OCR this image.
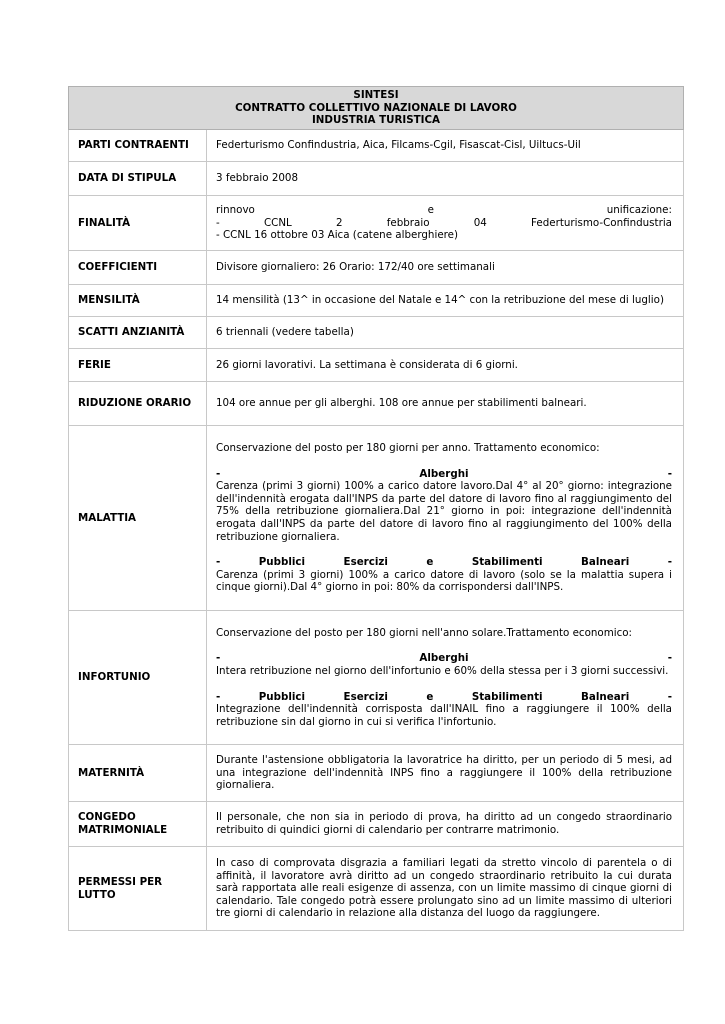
SINTESI
CONTRATTO COLLETTIVO NAZIONALE DI LAVORO
INDUSTRIA TURISTICA	

PARTI CONTRAENTI	Federturismo Confindustria, Aica, Filcams-Cgil, Fisascat-Cisl, Uiltucs-Uil
DATA DI STIPULA	3 febbraio 2008
FINALITÀ	rinnovo e unificazione:

- CCNL 2 febbraio 04 Federturismo-Confindustria

- CCNL 16 ottobre 03 Aica (catene alberghiere)

COEFFICIENTI	Divisore giornaliero: 26 Orario: 172/40 ore settimanali
MENSILITÀ	14 mensilità (13^ in occasione del Natale e 14^ con la retribuzione del mese di luglio)
SCATTI ANZIANITÀ	6 triennali (vedere tabella)
FERIE	26 giorni lavorativi. La settimana è considerata di 6 giorni.
RIDUZIONE ORARIO	104 ore annue per gli alberghi. 108 ore annue per stabilimenti balneari.
MALATTIA	Conservazione del posto per 180 giorni per anno. Trattamento economico:

- Alberghi -

Carenza (primi 3 giorni) 100% a carico datore lavoro.Dal 4° al 20° giorno: integrazione dell'indennità erogata dall'INPS da parte del datore di lavoro fino al raggiungimento del 75% della retribuzione giornaliera.Dal 21° giorno in poi: integrazione dell'indennità erogata dall'INPS da parte del datore di lavoro fino al raggiungimento del 100% della retribuzione giornaliera.

- Pubblici Esercizi e Stabilimenti Balneari -

Carenza (primi 3 giorni) 100% a carico datore di lavoro (solo se la malattia supera i cinque giorni).Dal 4° giorno in poi: 80% da corrispondersi dall'INPS.

INFORTUNIO	Conservazione del posto per 180 giorni nell'anno solare.Trattamento economico:

- Alberghi -

Intera retribuzione nel giorno dell'infortunio e 60% della stessa per i 3 giorni successivi.

- Pubblici Esercizi e Stabilimenti Balneari -

Integrazione dell'indennità corrisposta dall'INAIL fino a raggiungere il 100% della retribuzione sin dal giorno in cui si verifica l'infortunio.

MATERNITÀ	Durante l'astensione obbligatoria la lavoratrice ha diritto, per un periodo di 5 mesi, ad una integrazione dell'indennità INPS fino a raggiungere il 100% della retribuzione giornaliera.
CONGEDO MATRIMONIALE	Il personale, che non sia in periodo di prova, ha diritto ad un congedo straordinario retribuito di quindici giorni di calendario per contrarre matrimonio.
PERMESSI PER LUTTO	In caso di comprovata disgrazia a familiari legati da stretto vincolo di parentela o di affinità, il lavoratore avrà diritto ad un congedo straordinario retribuito la cui durata sarà rapportata alle reali esigenze di assenza, con un limite massimo di cinque giorni di calendario. Tale congedo potrà essere prolungato sino ad un limite massimo di ulteriori tre giorni di calendario in relazione alla distanza del luogo da raggiungere.
